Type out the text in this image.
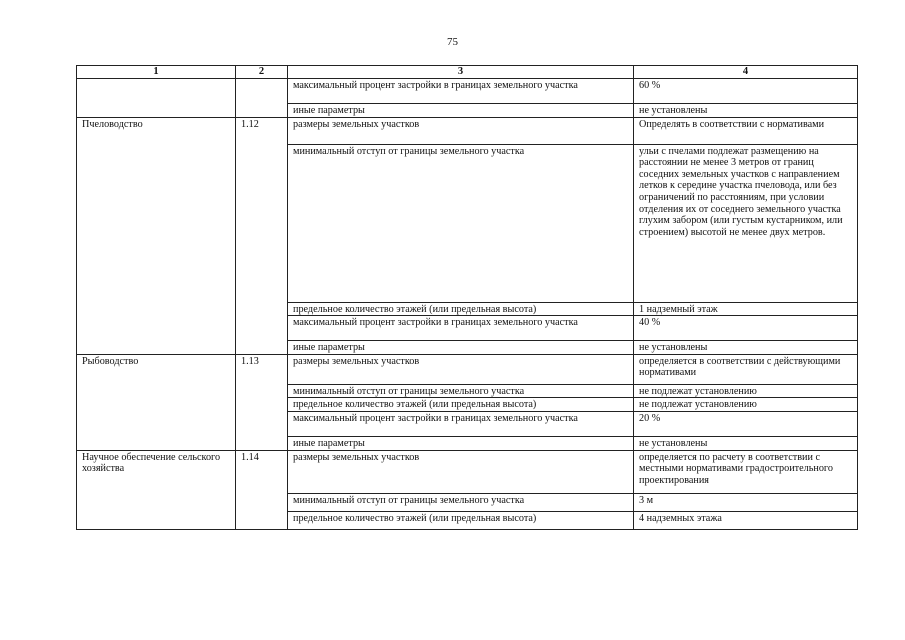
75
1	2	3	4
		максимальный процент застройки в границах земельного участка	60 %
		иные параметры	не установлены
Пчеловодство	1.12	размеры земельных участков	Определять в соответствии с нормативами
		минимальный отступ от границы земельного участка	ульи с пчелами подлежат размещению на расстоянии не менее 3 метров от границ соседних земельных участков с направлением летков к середине участка пчеловода, или без ограничений по расстояниям, при условии отделения их от соседнего земельного участка глухим забором (или густым кустарником, или строением) высотой не менее двух метров.
		предельное количество этажей (или предельная высота)	1 надземный этаж
		максимальный процент застройки в границах земельного участка	40 %
		иные параметры	не установлены
Рыбоводство	1.13	размеры земельных участков	определяется в соответствии с действующими нормативами
		минимальный отступ от границы земельного участка	не подлежат установлению
		предельное количество этажей (или предельная высота)	не подлежат установлению
		максимальный процент застройки в границах земельного участка	20 %
		иные параметры	не установлены
Научное обеспечение сельского хозяйства	1.14	размеры земельных участков	определяется по расчету в соответствии с местными нормативами градостроительного проектирования
		минимальный отступ от границы земельного участка	3 м
		предельное количество этажей (или предельная высота)	4 надземных этажа
